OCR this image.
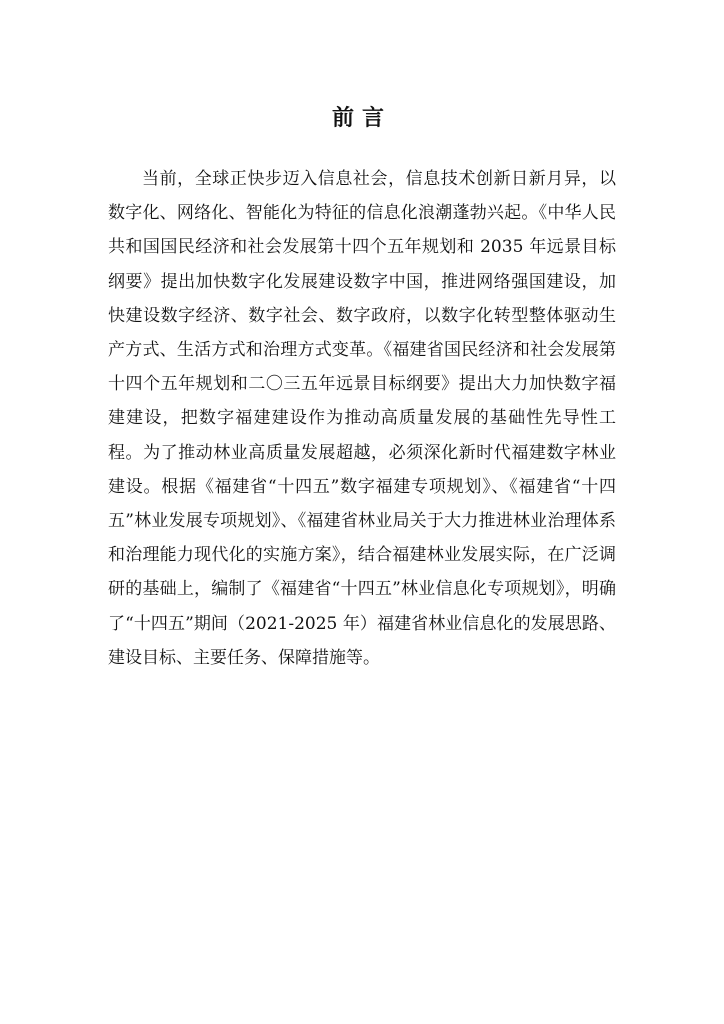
前言

当前，全球正快步迈入信息社会，信息技术创新日新月异，以数字化、网络化、智能化为特征的信息化浪潮蓬勃兴起。《中华人民共和国国民经济和社会发展第十四个五年规划和 2035 年远景目标纲要》提出加快数字化发展建设数字中国，推进网络强国建设，加快建设数字经济、数字社会、数字政府，以数字化转型整体驱动生产方式、生活方式和治理方式变革。《福建省国民经济和社会发展第十四个五年规划和二〇三五年远景目标纲要》提出大力加快数字福建建设，把数字福建建设作为推动高质量发展的基础性先导性工程。为了推动林业高质量发展超越，必须深化新时代福建数字林业建设。根据《福建省“十四五”数字福建专项规划》、《福建省“十四五”林业发展专项规划》、《福建省林业局关于大力推进林业治理体系和治理能力现代化的实施方案》，结合福建林业发展实际，在广泛调研的基础上，编制了《福建省“十四五”林业信息化专项规划》，明确了“十四五”期间（2021-2025 年）福建省林业信息化的发展思路、建设目标、主要任务、保障措施等。
